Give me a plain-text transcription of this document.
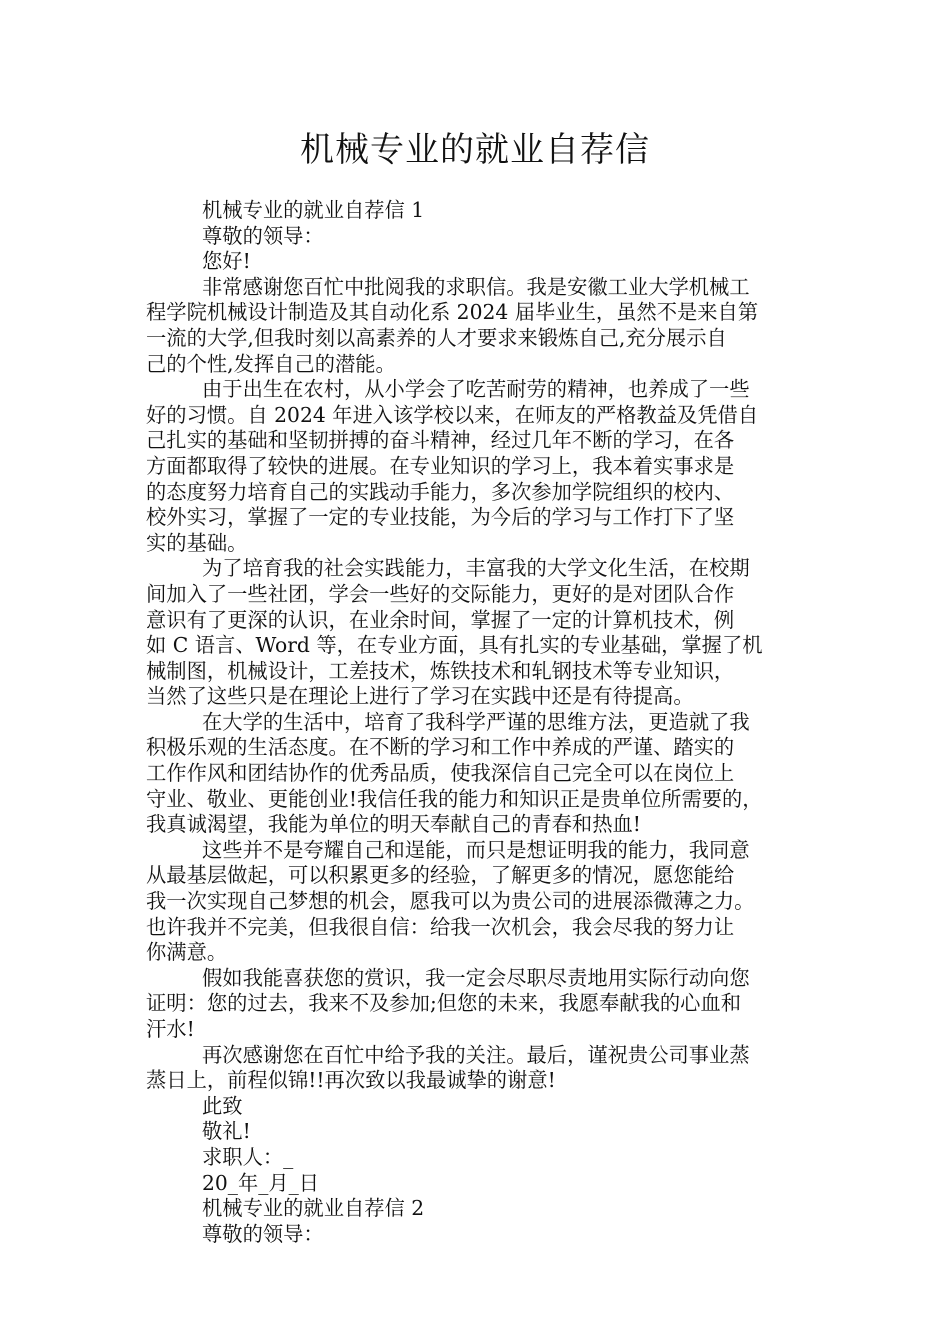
机械专业的就业自荐信
机械专业的就业自荐信 1
尊敬的领导：
您好!
非常感谢您百忙中批阅我的求职信。我是安徽工业大学机械工
程学院机械设计制造及其自动化系 2024 届毕业生，虽然不是来自第
一流的大学,但我时刻以高素养的人才要求来锻炼自己,充分展示自
己的个性,发挥自己的潜能。
由于出生在农村，从小学会了吃苦耐劳的精神，也养成了一些
好的习惯。自 2024 年进入该学校以来，在师友的严格教益及凭借自
己扎实的基础和坚韧拼搏的奋斗精神，经过几年不断的学习，在各
方面都取得了较快的进展。在专业知识的学习上，我本着实事求是
的态度努力培育自己的实践动手能力，多次参加学院组织的校内、
校外实习，掌握了一定的专业技能，为今后的学习与工作打下了坚
实的基础。
为了培育我的社会实践能力，丰富我的大学文化生活，在校期
间加入了一些社团，学会一些好的交际能力，更好的是对团队合作
意识有了更深的认识，在业余时间，掌握了一定的计算机技术，例
如 C 语言、Word 等，在专业方面，具有扎实的专业基础，掌握了机
械制图，机械设计，工差技术，炼铁技术和轧钢技术等专业知识，
当然了这些只是在理论上进行了学习在实践中还是有待提高。
在大学的生活中，培育了我科学严谨的思维方法，更造就了我
积极乐观的生活态度。在不断的学习和工作中养成的严谨、踏实的
工作作风和团结协作的优秀品质，使我深信自己完全可以在岗位上
守业、敬业、更能创业!我信任我的能力和知识正是贵单位所需要的，
我真诚渴望，我能为单位的明天奉献自己的青春和热血!
这些并不是夸耀自己和逞能，而只是想证明我的能力，我同意
从最基层做起，可以积累更多的经验，了解更多的情况，愿您能给
我一次实现自己梦想的机会，愿我可以为贵公司的进展添微薄之力。
也许我并不完美，但我很自信：给我一次机会，我会尽我的努力让
你满意。
假如我能喜获您的赏识，我一定会尽职尽责地用实际行动向您
证明：您的过去，我来不及参加;但您的未来，我愿奉献我的心血和
汗水!
再次感谢您在百忙中给予我的关注。最后，谨祝贵公司事业蒸
蒸日上，前程似锦!!再次致以我最诚挚的谢意!
此致
敬礼!
求职人：_
20_年_月_日
机械专业的就业自荐信 2
尊敬的领导：
